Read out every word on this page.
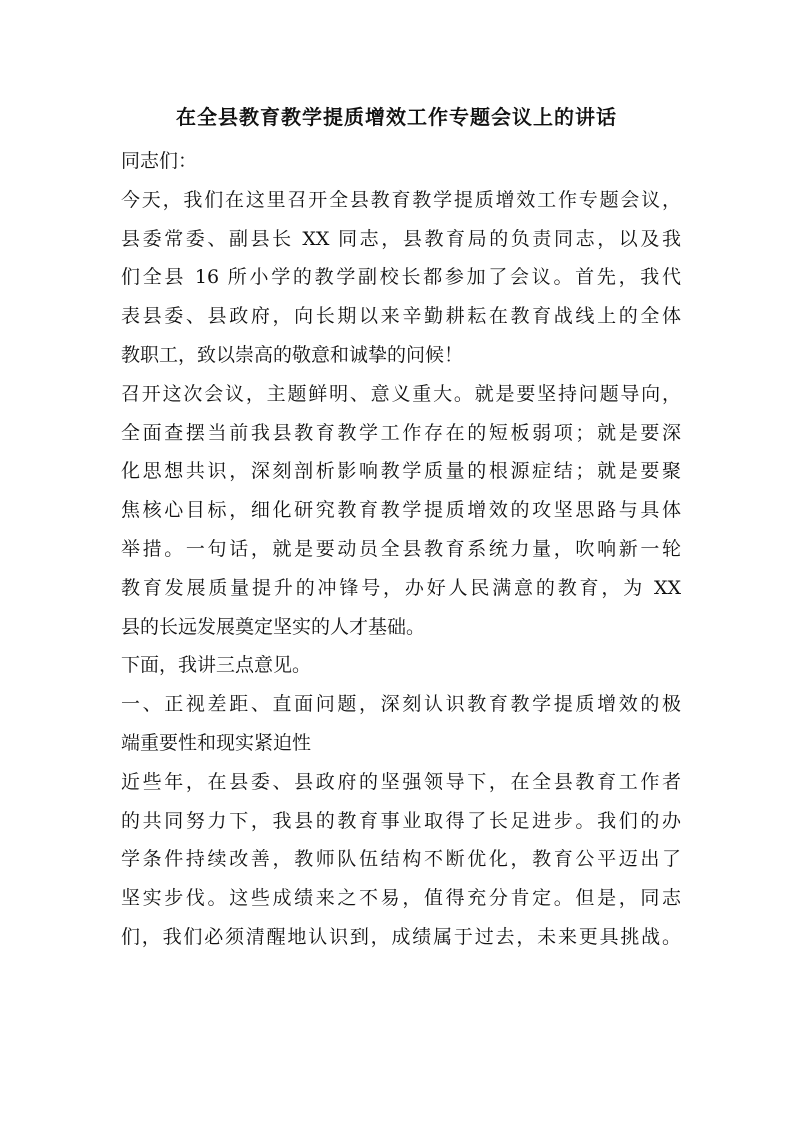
在全县教育教学提质增效工作专题会议上的讲话
同志们：
今天，我们在这里召开全县教育教学提质增效工作专题会议，
县委常委、副县长 XX 同志，县教育局的负责同志，以及我
们全县 16 所小学的教学副校长都参加了会议。首先，我代
表县委、县政府，向长期以来辛勤耕耘在教育战线上的全体
教职工，致以崇高的敬意和诚挚的问候！
召开这次会议，主题鲜明、意义重大。就是要坚持问题导向，
全面查摆当前我县教育教学工作存在的短板弱项；就是要深
化思想共识，深刻剖析影响教学质量的根源症结；就是要聚
焦核心目标，细化研究教育教学提质增效的攻坚思路与具体
举措。一句话，就是要动员全县教育系统力量，吹响新一轮
教育发展质量提升的冲锋号，办好人民满意的教育，为 XX
县的长远发展奠定坚实的人才基础。
下面，我讲三点意见。
一、正视差距、直面问题，深刻认识教育教学提质增效的极
端重要性和现实紧迫性
近些年，在县委、县政府的坚强领导下，在全县教育工作者
的共同努力下，我县的教育事业取得了长足进步。我们的办
学条件持续改善，教师队伍结构不断优化，教育公平迈出了
坚实步伐。这些成绩来之不易，值得充分肯定。但是，同志
们，我们必须清醒地认识到，成绩属于过去，未来更具挑战。
